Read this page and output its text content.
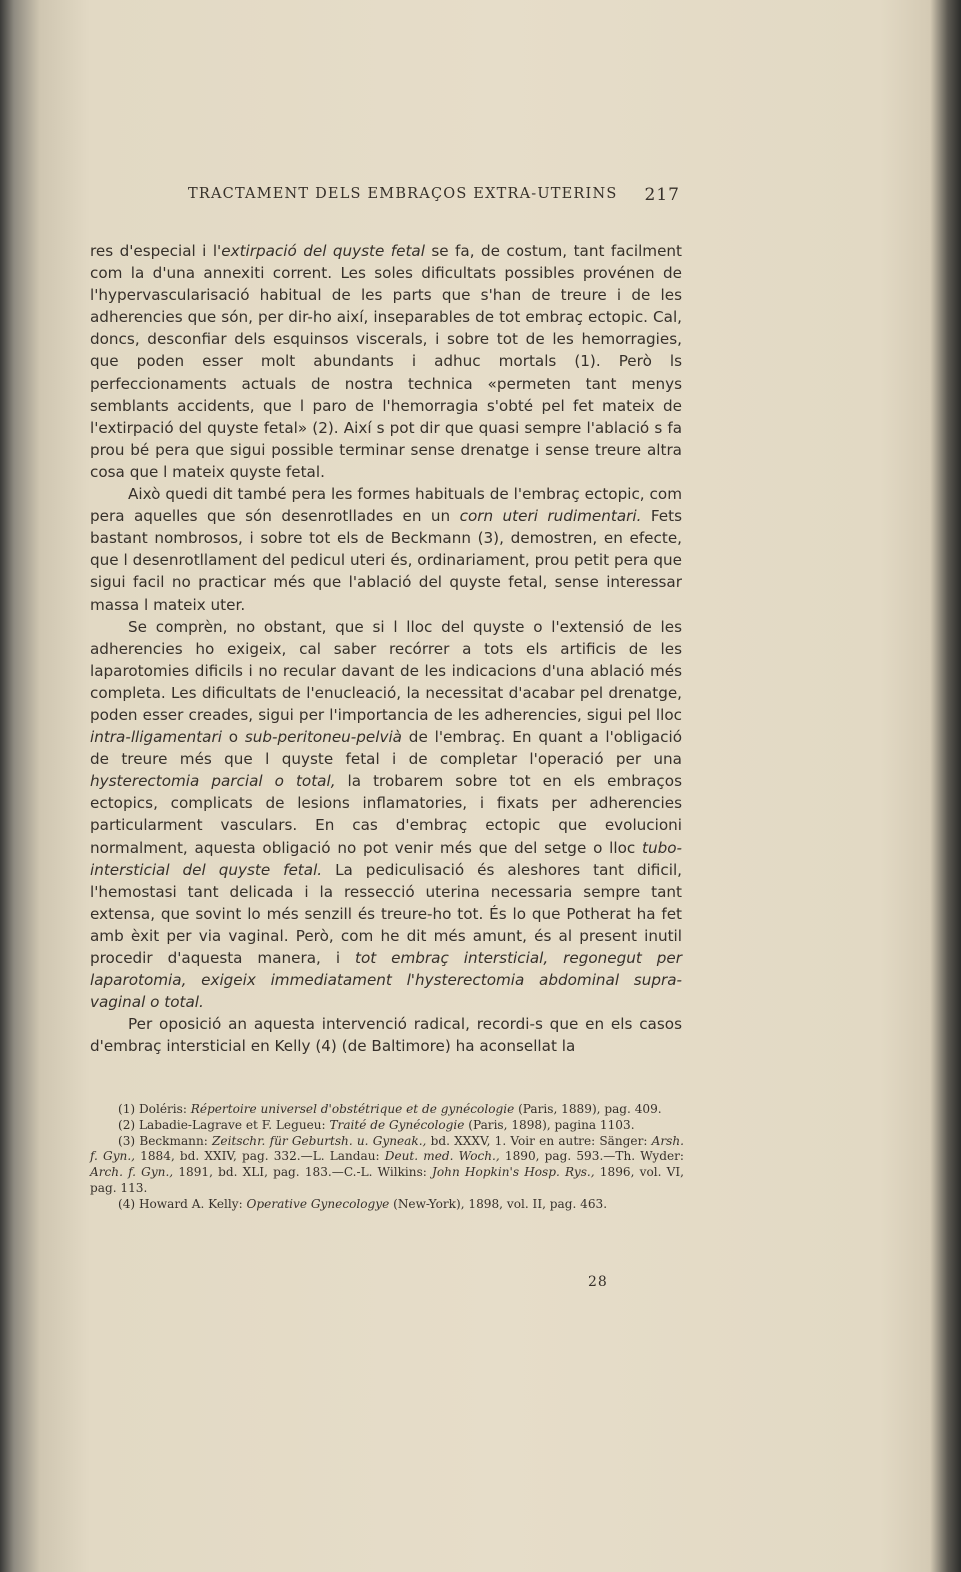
TRACTAMENT DELS EMBRAÇOS EXTRA-UTERINS 217

res d'especial i l'extirpació del quyste fetal se fa, de costum, tant facilment com la d'una annexiti corrent. Les soles dificultats possibles provénen de l'hypervascularisació habitual de les parts que s'han de treure i de les adherencies que són, per dir-ho així, inseparables de tot embraç ectopic. Cal, doncs, desconfiar dels esquinsos viscerals, i sobre tot de les hemorragies, que poden esser molt abundants i adhuc mortals (1). Però ls perfeccionaments actuals de nostra technica «permeten tant menys semblants accidents, que l paro de l'hemorragia s'obté pel fet mateix de l'extirpació del quyste fetal» (2). Així s pot dir que quasi sempre l'ablació s fa prou bé pera que sigui possible terminar sense drenatge i sense treure altra cosa que l mateix quyste fetal.

Això quedi dit també pera les formes habituals de l'embraç ectopic, com pera aquelles que són desenrotllades en un corn uteri rudimentari. Fets bastant nombrosos, i sobre tot els de Beckmann (3), demostren, en efecte, que l desenrotllament del pedicul uteri és, ordinariament, prou petit pera que sigui facil no practicar més que l'ablació del quyste fetal, sense interessar massa l mateix uter.

Se comprèn, no obstant, que si l lloc del quyste o l'extensió de les adherencies ho exigeix, cal saber recórrer a tots els artificis de les laparotomies dificils i no recular davant de les indicacions d'una ablació més completa. Les dificultats de l'enucleació, la necessitat d'acabar pel drenatge, poden esser creades, sigui per l'importancia de les adherencies, sigui pel lloc intra-lligamentari o sub-peritoneu-pelvià de l'embraç. En quant a l'obligació de treure més que l quyste fetal i de completar l'operació per una hysterectomia parcial o total, la trobarem sobre tot en els embraços ectopics, complicats de lesions inflamatories, i fixats per adherencies particularment vasculars. En cas d'embraç ectopic que evolucioni normalment, aquesta obligació no pot venir més que del setge o lloc tubo-intersticial del quyste fetal. La pediculisació és aleshores tant dificil, l'hemostasi tant delicada i la ressecció uterina necessaria sempre tant extensa, que sovint lo més senzill és treure-ho tot. És lo que Potherat ha fet amb èxit per via vaginal. Però, com he dit més amunt, és al present inutil procedir d'aquesta manera, i tot embraç intersticial, regonegut per laparotomia, exigeix immediatament l'hysterectomia abdominal supra-vaginal o total.

Per oposició an aquesta intervenció radical, recordi-s que en els casos d'embraç intersticial en Kelly (4) (de Baltimore) ha aconsellat la

(1) Doléris: Répertoire universel d'obstétrique et de gynécologie (Paris, 1889), pag. 409.

(2) Labadie-Lagrave et F. Legueu: Traité de Gynécologie (Paris, 1898), pagina 1103.

(3) Beckmann: Zeitschr. für Geburtsh. u. Gyneak., bd. XXXV, 1. Voir en autre: Sänger: Arsh. f. Gyn., 1884, bd. XXIV, pag. 332.—L. Landau: Deut. med. Woch., 1890, pag. 593.—Th. Wyder: Arch. f. Gyn., 1891, bd. XLI, pag. 183.—C.-L. Wilkins: John Hopkin's Hosp. Rys., 1896, vol. VI, pag. 113.

(4) Howard A. Kelly: Operative Gynecologye (New-York), 1898, vol. II, pag. 463.

28
